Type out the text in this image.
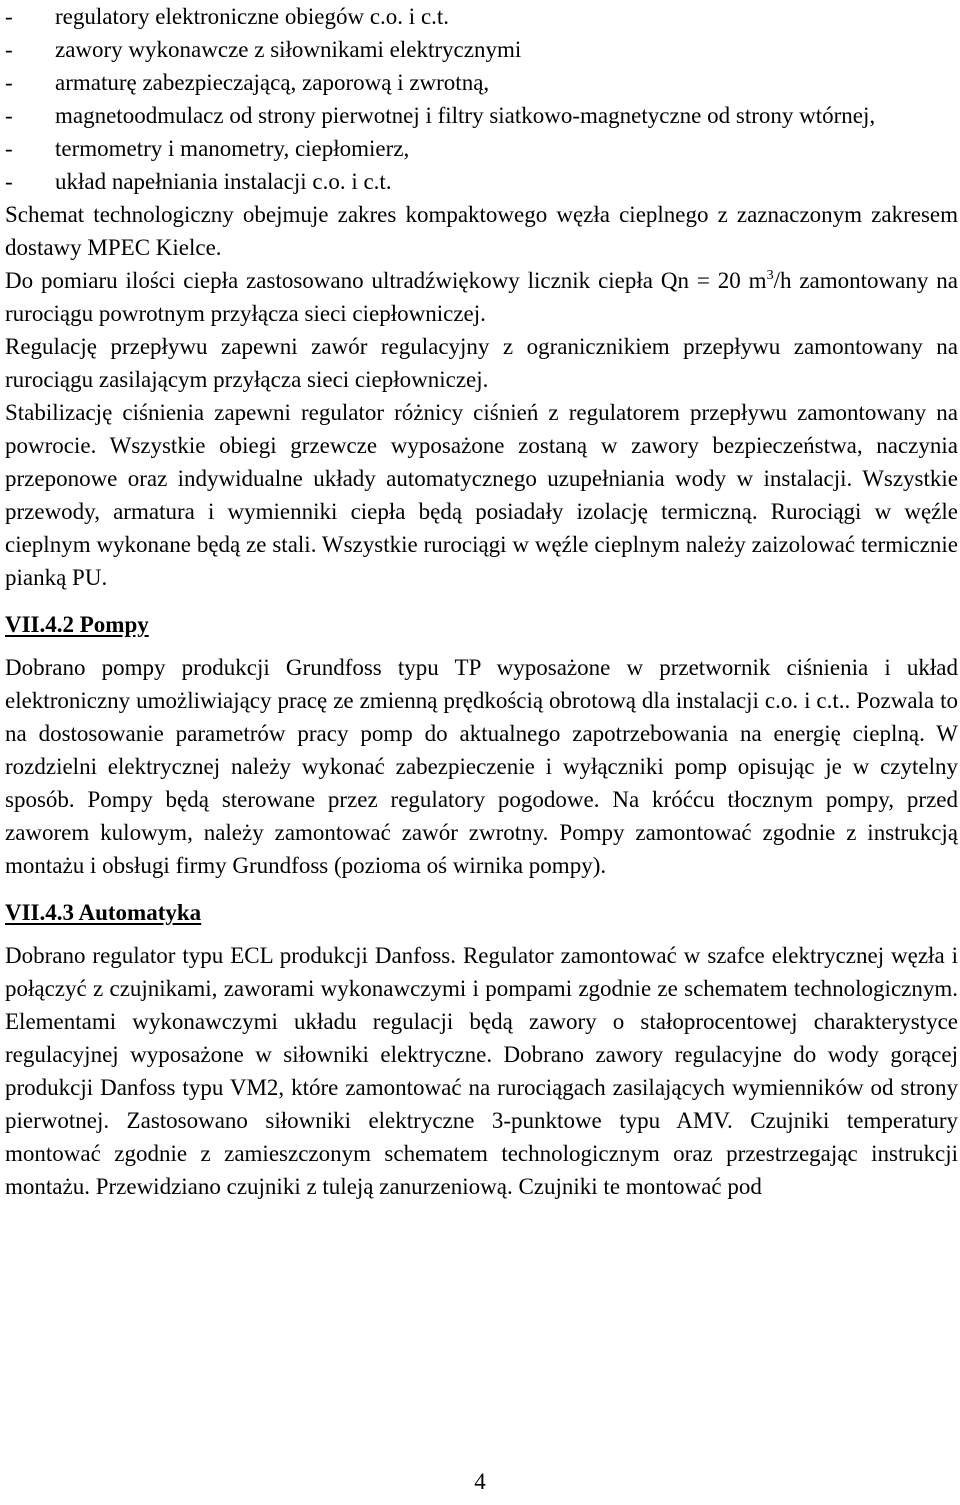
-	regulatory elektroniczne obiegów c.o. i c.t.
-	zawory wykonawcze z siłownikami elektrycznymi
-	armaturę zabezpieczającą, zaporową i zwrotną,
-	magnetoodmulacz od strony pierwotnej i filtry siatkowo-magnetyczne od strony wtórnej,
-	termometry i manometry, ciepłomierz,
-	układ napełniania instalacji c.o. i c.t.

Schemat technologiczny obejmuje zakres kompaktowego węzła cieplnego z zaznaczonym zakresem dostawy MPEC Kielce.

Do pomiaru ilości ciepła zastosowano ultradźwiękowy licznik ciepła Qn = 20 $m^3/h$ zamontowany na rurociągu powrotnym przyłącza sieci ciepłowniczej.

Regulację przepływu zapewni zawór regulacyjny z ogranicznikiem przepływu zamontowany na rurociągu zasilającym przyłącza sieci ciepłowniczej.

Stabilizację ciśnienia zapewni regulator różnicy ciśnień z regulatorem przepływu zamontowany na powrocie. Wszystkie obiegi grzewcze wyposażone zostaną w zawory bezpieczeństwa, naczynia przeponowe oraz indywidualne układy automatycznego uzupełniania wody w instalacji. Wszystkie przewody, armatura i wymienniki ciepła będą posiadały izolację termiczną. Rurociągi w węźle cieplnym wykonane będą ze stali. Wszystkie rurociągi w węźle cieplnym należy zaizolować termicznie pianką PU.

VII.4.2 Pompy

Dobrano pompy produkcji Grundfoss typu TP wyposażone w przetwornik ciśnienia i układ elektroniczny umożliwiający pracę ze zmienną prędkością obrotową dla instalacji c.o. i c.t.. Pozwala to na dostosowanie parametrów pracy pomp do aktualnego zapotrzebowania na energię cieplną. W rozdzielni elektrycznej należy wykonać zabezpieczenie i wyłączniki pomp opisując je w czytelny sposób. Pompy będą sterowane przez regulatory pogodowe. Na króćcu tłocznym pompy, przed zaworem kulowym, należy zamontować zawór zwrotny. Pompy zamontować zgodnie z instrukcją montażu i obsługi firmy Grundfoss (pozioma oś wirnika pompy).

VII.4.3 Automatyka

Dobrano regulator typu ECL produkcji Danfoss. Regulator zamontować w szafce elektrycznej węzła i połączyć z czujnikami, zaworami wykonawczymi i pompami zgodnie ze schematem technologicznym. Elementami wykonawczymi układu regulacji będą zawory o stałoprocentowej charakterystyce regulacyjnej wyposażone w siłowniki elektryczne. Dobrano zawory regulacyjne do wody gorącej produkcji Danfoss typu VM2, które zamontować na rurociągach zasilających wymienników od strony pierwotnej. Zastosowano siłowniki elektryczne 3-punktowe typu AMV. Czujniki temperatury montować zgodnie z zamieszczonym schematem technologicznym oraz przestrzegając instrukcji montażu. Przewidziano czujniki z tuleją zanurzeniową. Czujniki te montować pod

4
